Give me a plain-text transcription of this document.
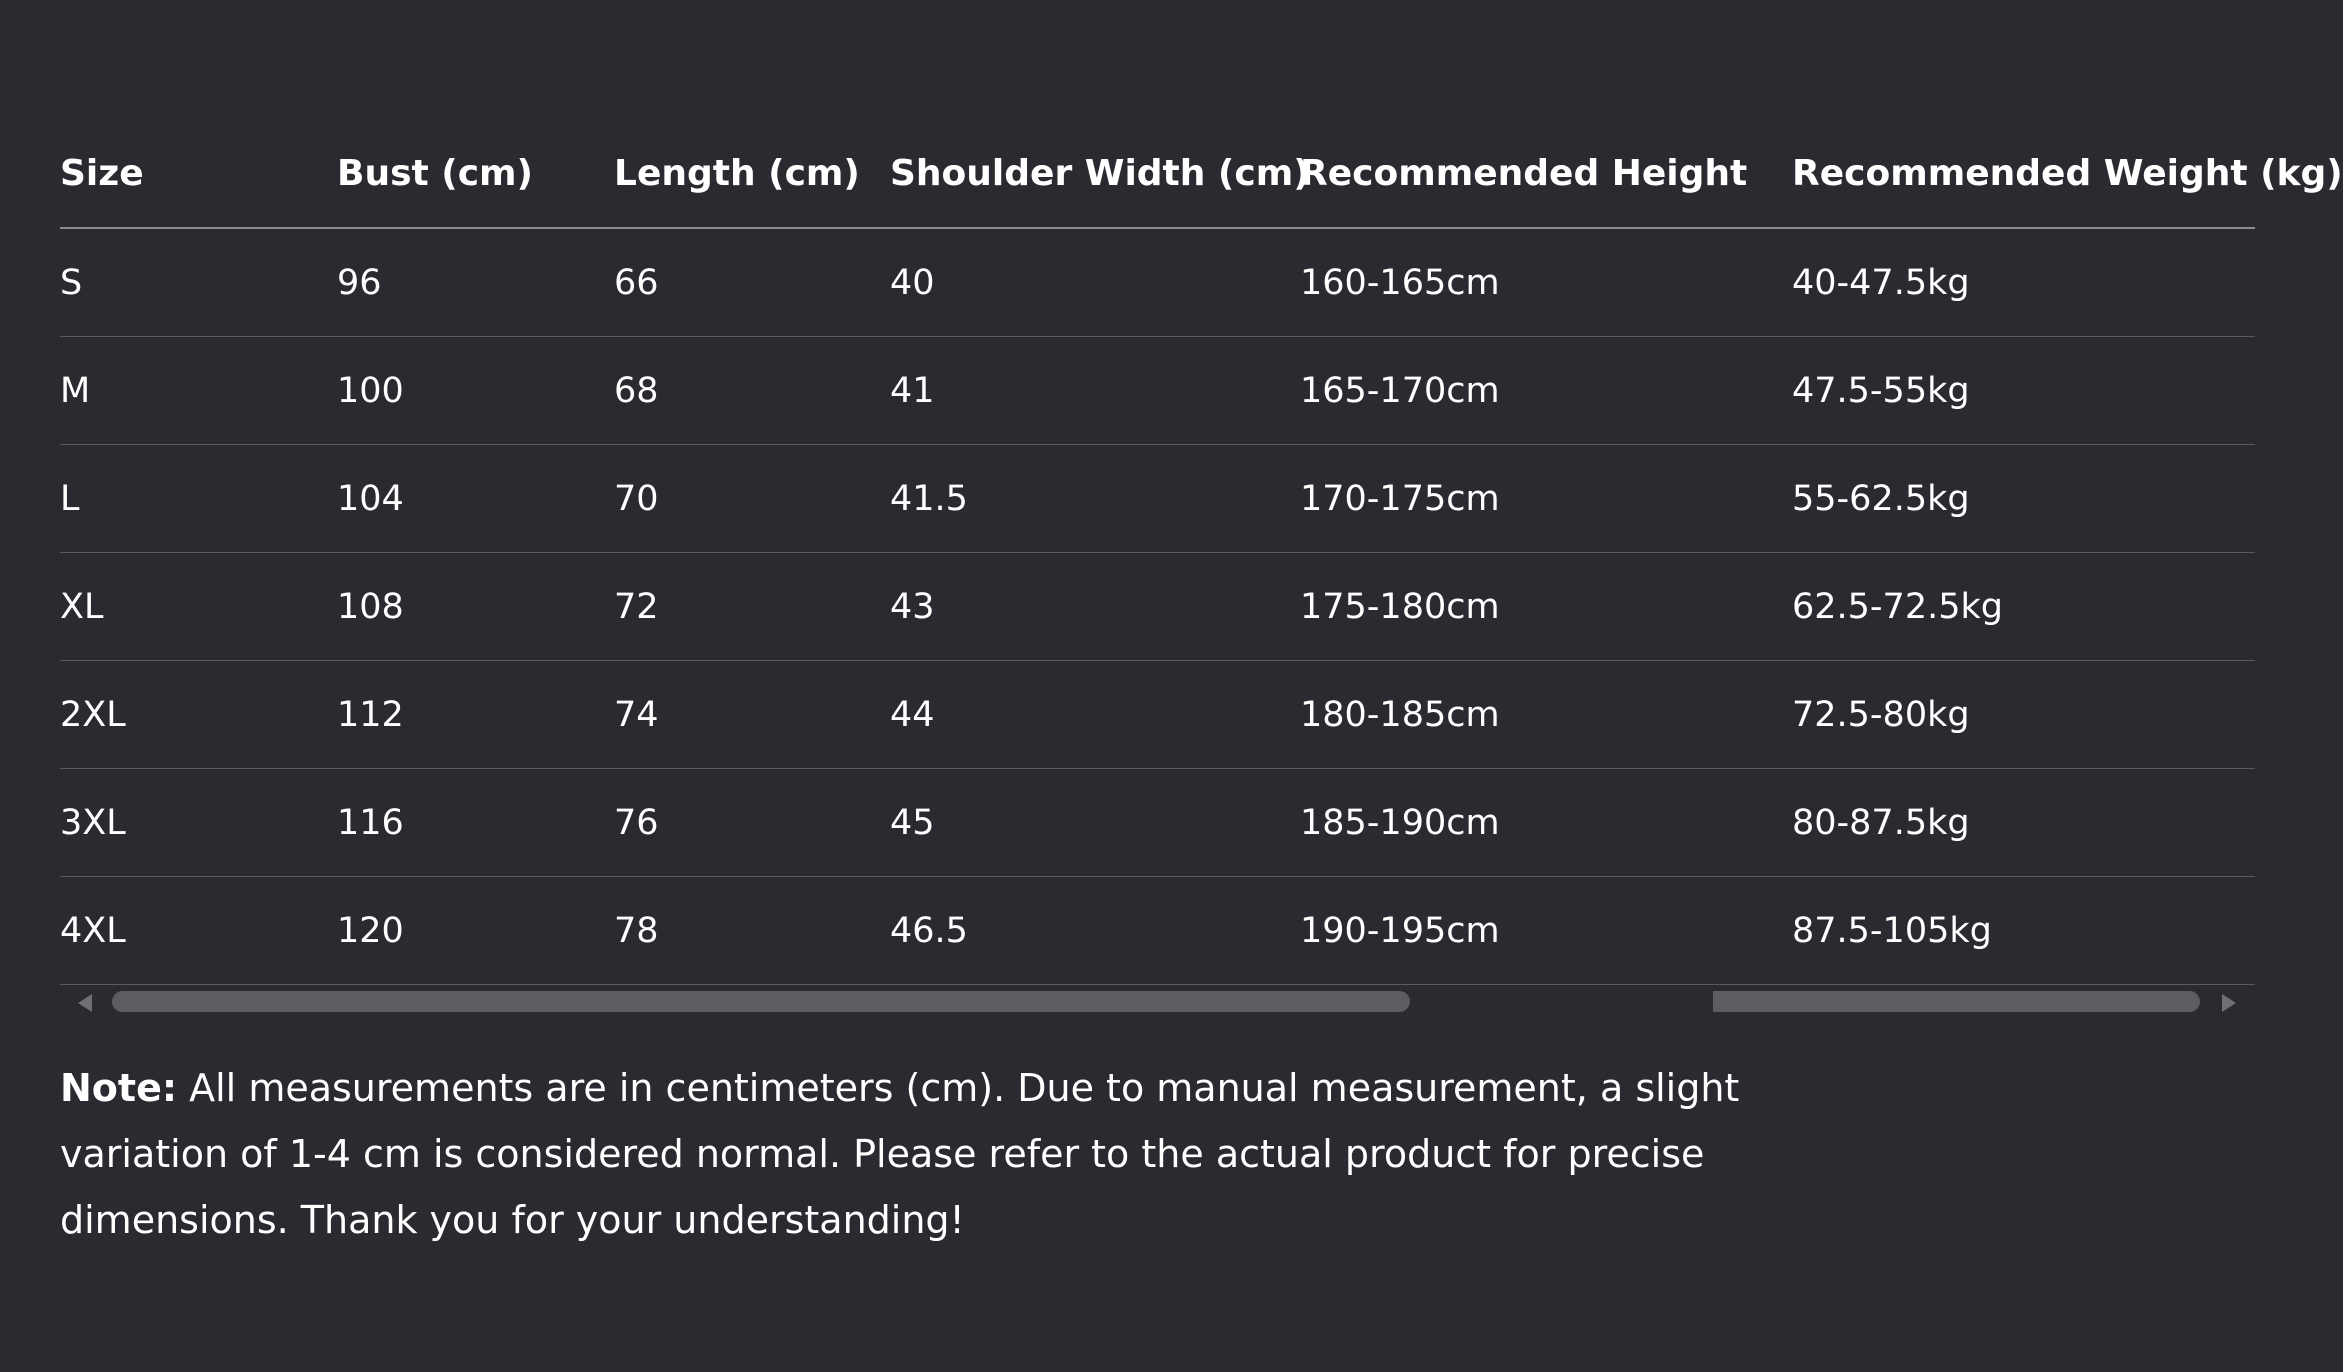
Size	Bust (cm)	Length (cm)	Shoulder Width (cm)	Recommended Height	Recommended Weight (kg)
S	96	66	40	160-165cm	40-47.5kg
M	100	68	41	165-170cm	47.5-55kg
L	104	70	41.5	170-175cm	55-62.5kg
XL	108	72	43	175-180cm	62.5-72.5kg
2XL	112	74	44	180-185cm	72.5-80kg
3XL	116	76	45	185-190cm	80-87.5kg
4XL	120	78	46.5	190-195cm	87.5-105kg
Note: All measurements are in centimeters (cm). Due to manual measurement, a slight variation of 1-4 cm is considered normal. Please refer to the actual product for precise dimensions. Thank you for your understanding!
